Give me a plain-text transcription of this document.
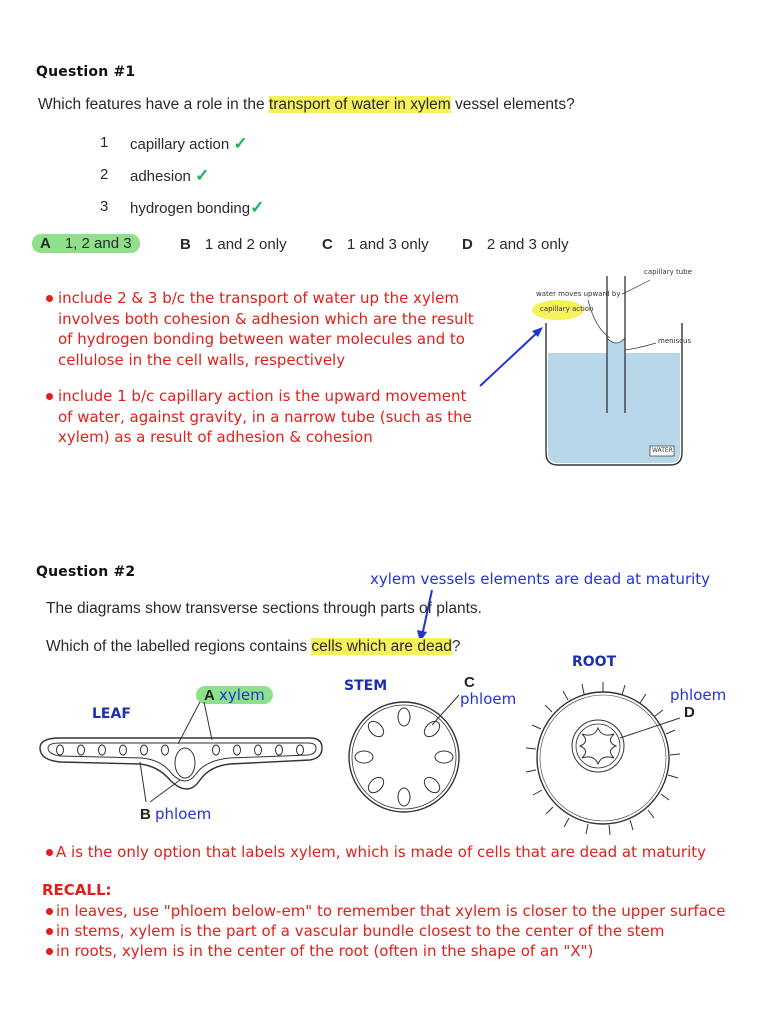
Question #1
Which features have a role in the transport of water in xylem vessel elements?
1 capillary action ✓
2 adhesion ✓
3 hydrogen bonding✓
A 1, 2 and 3	B 1 and 2 only C 1 and 3 only D 2 and 3 only
include 2 & 3 b/c the transport of water up the xylem
involves both cohesion & adhesion which are the result
of hydrogen bonding between water molecules and to
cellulose in the cell walls, respectively
include 1 b/c capillary action is the upward movement
of water, against gravity, in a narrow tube (such as the
xylem) as a result of adhesion & cohesion
capillary tube
water moves upward by
capillary action
meniscus
WATER
Question #2	xylem vessels elements are dead at maturity
The diagrams show transverse sections through parts of plants.
Which of the labelled regions contains cells which are dead?
LEAF
STEM
ROOT
A xylem
B phloem
C
phloem	phloem
D
A is the only option that labels xylem, which is made of cells that are dead at maturity
RECALL:
in leaves, use "phloem below-em" to remember that xylem is closer to the upper surface
in stems, xylem is the part of a vascular bundle closest to the center of the stem
in roots, xylem is in the center of the root (often in the shape of an "X")
